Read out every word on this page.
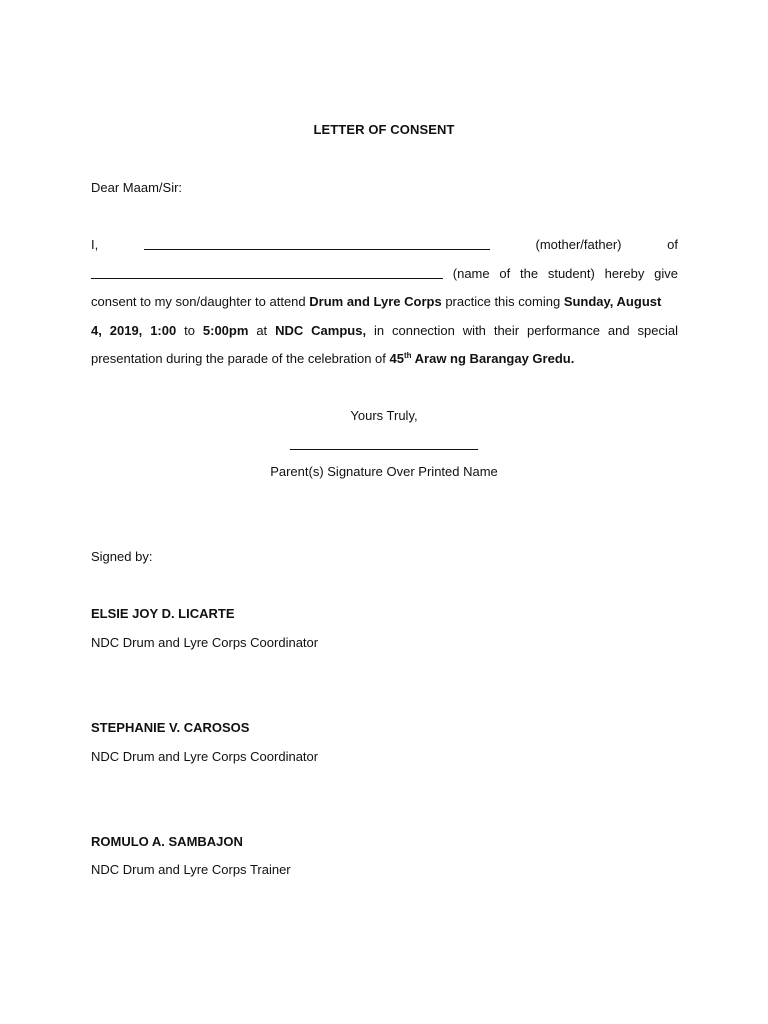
LETTER OF CONSENT
Dear Maam/Sir:
I,	(mother/father)	of
(name of the student) hereby give
consent to my son/daughter to attend Drum and Lyre Corps practice this coming Sunday, August
4, 2019, 1:00 to 5:00pm at NDC Campus, in connection with their performance and special
presentation during the parade of the celebration of 45th Araw ng Barangay Gredu.
Yours Truly,
Parent(s) Signature Over Printed Name
Signed by:
ELSIE JOY D. LICARTE
NDC Drum and Lyre Corps Coordinator
STEPHANIE V. CAROSOS
NDC Drum and Lyre Corps Coordinator
ROMULO A. SAMBAJON
NDC Drum and Lyre Corps Trainer
